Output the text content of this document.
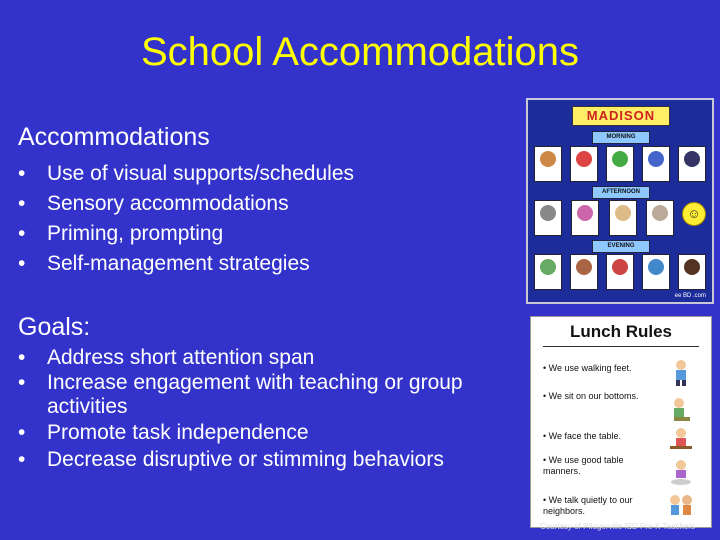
School Accommodations
Accommodations
• Use of visual supports/schedules
• Sensory accommodations
• Priming, prompting
• Self-management strategies
Goals:
• Address short attention span
• Increase engagement with teaching or group activities
• Promote task independence
• Decrease disruptive or stimming behaviors
MADISON
MORNING
AFTERNOON
☺
EVENING
ee BD .com
Lunch Rules
• We use walking feet.
• We sit on our bottoms.
• We face the table.
• We use good table manners.
• We talk quietly to our neighbors.
Courtesy of Pflugerville ISD Pre-K Teachers
